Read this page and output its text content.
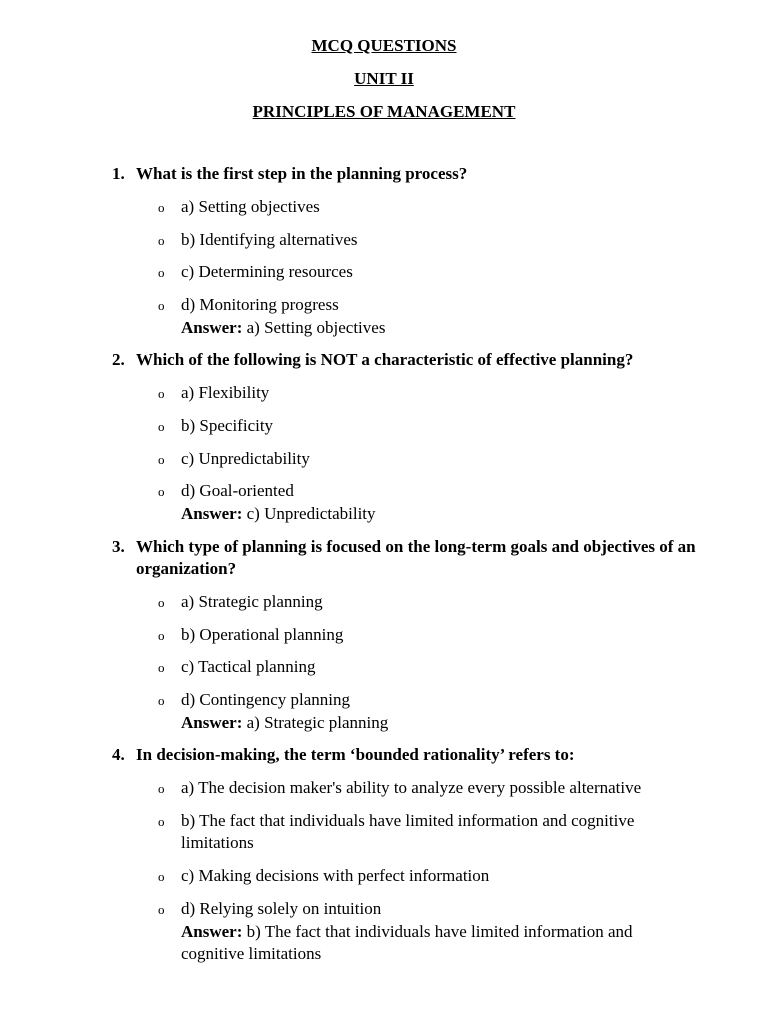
MCQ QUESTIONS

UNIT II

PRINCIPLES OF MANAGEMENT

1. What is the first step in the planning process?
o a) Setting objectives
o b) Identifying alternatives
o c) Determining resources
o d) Monitoring progress
Answer: a) Setting objectives
2. Which of the following is NOT a characteristic of effective planning?
o a) Flexibility
o b) Specificity
o c) Unpredictability
o d) Goal-oriented
Answer: c) Unpredictability
3. Which type of planning is focused on the long-term goals and objectives of an organization?
o a) Strategic planning
o b) Operational planning
o c) Tactical planning
o d) Contingency planning
Answer: a) Strategic planning
4. In decision-making, the term ‘bounded rationality’ refers to:
o a) The decision maker's ability to analyze every possible alternative
o b) The fact that individuals have limited information and cognitive limitations
o c) Making decisions with perfect information
o d) Relying solely on intuition
Answer: b) The fact that individuals have limited information and cognitive limitations
